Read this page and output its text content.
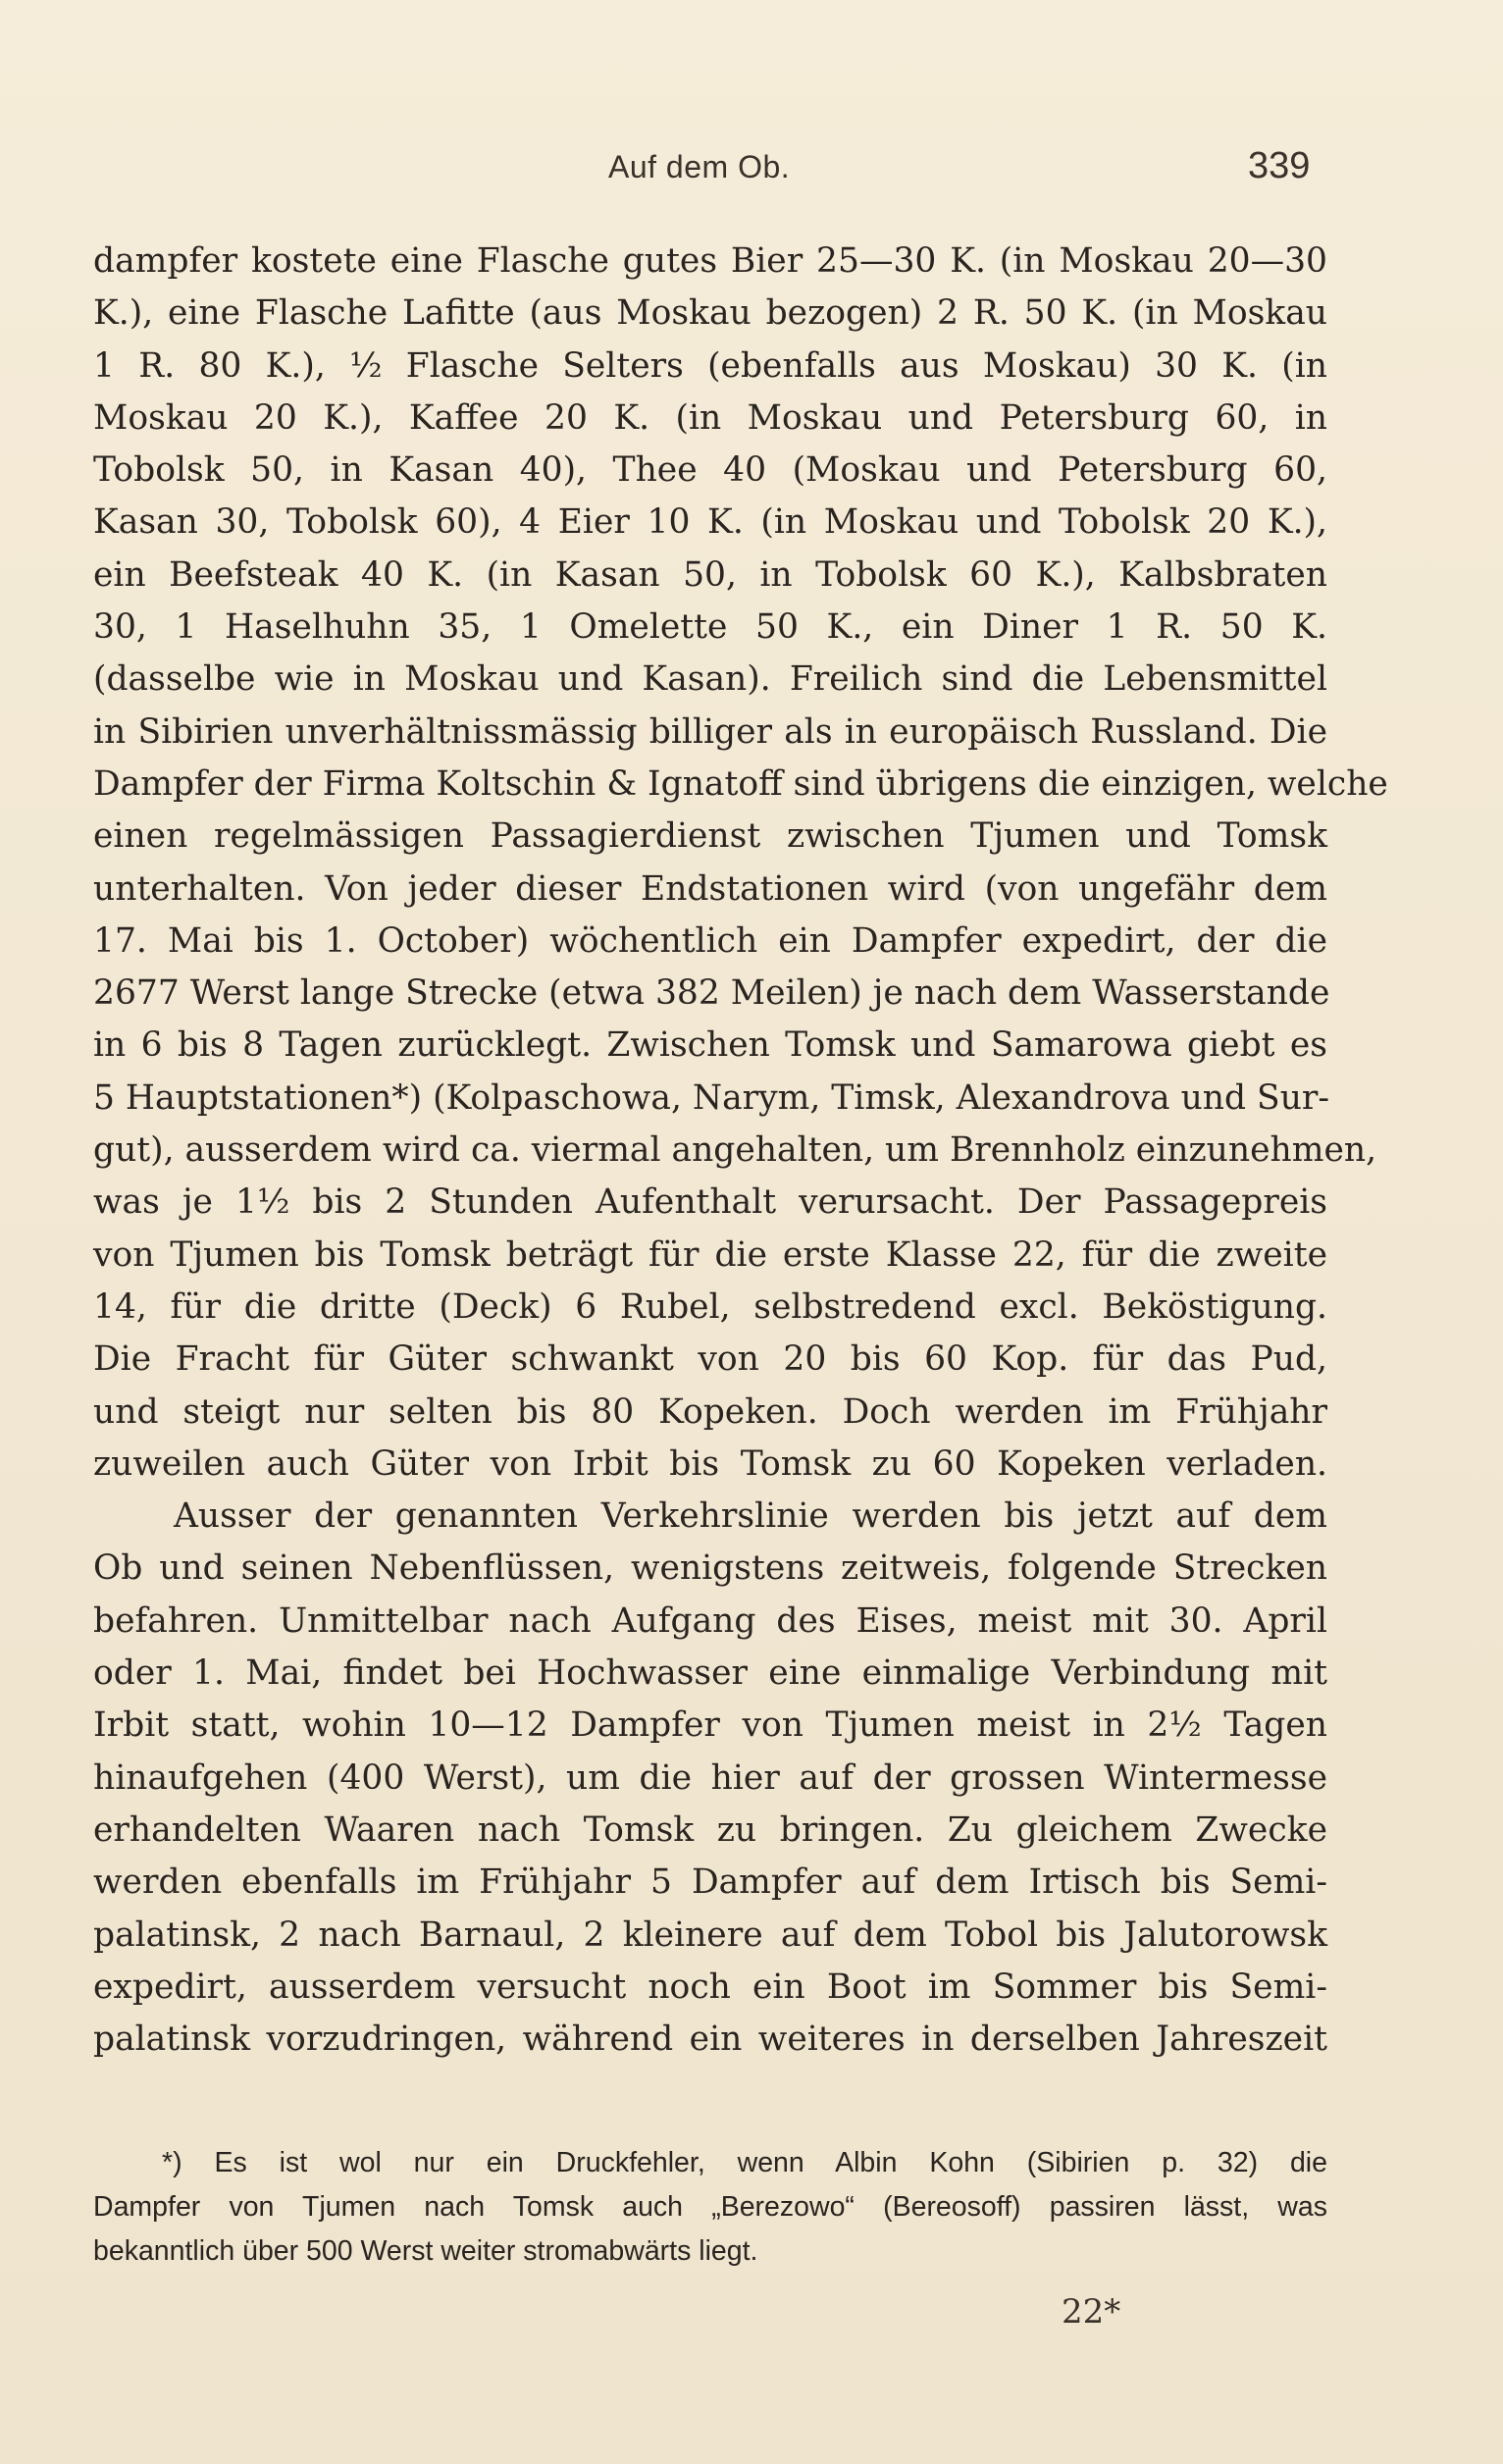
Auf dem Ob.	339
dampfer kostete eine Flasche gutes Bier 25—30 K. (in Moskau 20—30
K.), eine Flasche Lafitte (aus Moskau bezogen) 2 R. 50 K. (in Moskau
1 R. 80 K.), ½ Flasche Selters (ebenfalls aus Moskau) 30 K. (in
Moskau 20 K.), Kaffee 20 K. (in Moskau und Petersburg 60, in
Tobolsk 50, in Kasan 40), Thee 40 (Moskau und Petersburg 60,
Kasan 30, Tobolsk 60), 4 Eier 10 K. (in Moskau und Tobolsk 20 K.),
ein Beefsteak 40 K. (in Kasan 50, in Tobolsk 60 K.), Kalbsbraten
30, 1 Haselhuhn 35, 1 Omelette 50 K., ein Diner 1 R. 50 K.
(dasselbe wie in Moskau und Kasan). Freilich sind die Lebensmittel
in Sibirien unverhältnissmässig billiger als in europäisch Russland. Die
Dampfer der Firma Koltschin & Ignatoff sind übrigens die einzigen, welche
einen regelmässigen Passagierdienst zwischen Tjumen und Tomsk
unterhalten. Von jeder dieser Endstationen wird (von ungefähr dem
17. Mai bis 1. October) wöchentlich ein Dampfer expedirt, der die
2677 Werst lange Strecke (etwa 382 Meilen) je nach dem Wasserstande
in 6 bis 8 Tagen zurücklegt. Zwischen Tomsk und Samarowa giebt es
5 Hauptstationen*) (Kolpaschowa, Narym, Timsk, Alexandrova und Sur-
gut), ausserdem wird ca. viermal angehalten, um Brennholz einzunehmen,
was je 1½ bis 2 Stunden Aufenthalt verursacht. Der Passagepreis
von Tjumen bis Tomsk beträgt für die erste Klasse 22, für die zweite
14, für die dritte (Deck) 6 Rubel, selbstredend excl. Beköstigung.
Die Fracht für Güter schwankt von 20 bis 60 Kop. für das Pud,
und steigt nur selten bis 80 Kopeken. Doch werden im Frühjahr
zuweilen auch Güter von Irbit bis Tomsk zu 60 Kopeken verladen.
Ausser der genannten Verkehrslinie werden bis jetzt auf dem
Ob und seinen Nebenflüssen, wenigstens zeitweis, folgende Strecken
befahren. Unmittelbar nach Aufgang des Eises, meist mit 30. April
oder 1. Mai, findet bei Hochwasser eine einmalige Verbindung mit
Irbit statt, wohin 10—12 Dampfer von Tjumen meist in 2½ Tagen
hinaufgehen (400 Werst), um die hier auf der grossen Wintermesse
erhandelten Waaren nach Tomsk zu bringen. Zu gleichem Zwecke
werden ebenfalls im Frühjahr 5 Dampfer auf dem Irtisch bis Semi-
palatinsk, 2 nach Barnaul, 2 kleinere auf dem Tobol bis Jalutorowsk
expedirt, ausserdem versucht noch ein Boot im Sommer bis Semi-
palatinsk vorzudringen, während ein weiteres in derselben Jahreszeit
*) Es ist wol nur ein Druckfehler, wenn Albin Kohn (Sibirien p. 32) die
Dampfer von Tjumen nach Tomsk auch „Berezowo“ (Bereosoff) passiren lässt, was
bekanntlich über 500 Werst weiter stromabwärts liegt.
22*
